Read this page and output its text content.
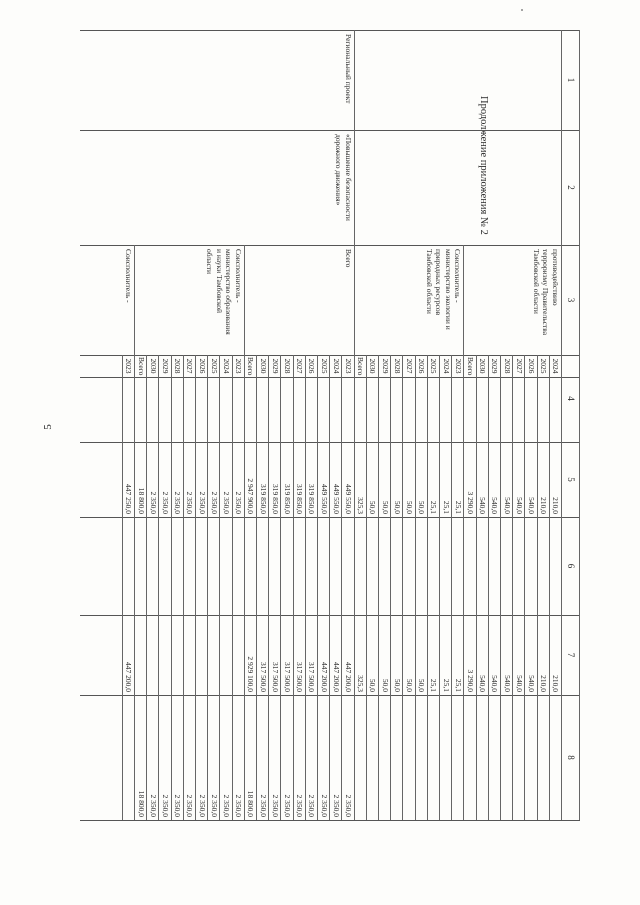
5
Продолжение приложения № 2
1
2
3
4
5
6
7
8
противодействию
терроризму Правительства
Тамбовской области
2024
210,0
210,0
2025
210,0
210,0
2026
540,0
540,0
2027
540,0
540,0
2028
540,0
540,0
2029
540,0
540,0
2030
540,0
540,0
Всего
3 290,0
3 290,0
Соисполнитель -
министерство экологии и
природных ресурсов
Тамбовской области
2023
25,1
25,1
2024
25,1
25,1
2025
25,1
25,1
2026
50,0
50,0
2027
50,0
50,0
2028
50,0
50,0
2029
50,0
50,0
2030
50,0
50,0
Всего
325,3
325,3
Региональный проект
«Повышение безопасности
дорожного движения»
Всего
2023
449 550,0
447 200,0
2 350,0
2024
449 550,0
447 200,0
2 350,0
2025
449 550,0
447 200,0
2 350,0
2026
319 850,0
317 500,0
2 350,0
2027
319 850,0
317 500,0
2 350,0
2028
319 850,0
317 500,0
2 350,0
2029
319 850,0
317 500,0
2 350,0
2030
319 850,0
317 500,0
2 350,0
Всего
2 947 900,0
2 929 100,0
18 800,0
Соисполнитель -
министерство образования
и науки Тамбовской
области
2023
2 350,0
2 350,0
2024
2 350,0
2 350,0
2025
2 350,0
2 350,0
2026
2 350,0
2 350,0
2027
2 350,0
2 350,0
2028
2 350,0
2 350,0
2029
2 350,0
2 350,0
2030
2 350,0
2 350,0
Всего
18 800,0
18 800,0
Соисполнитель -
2023
447 250,0
447 200,0
